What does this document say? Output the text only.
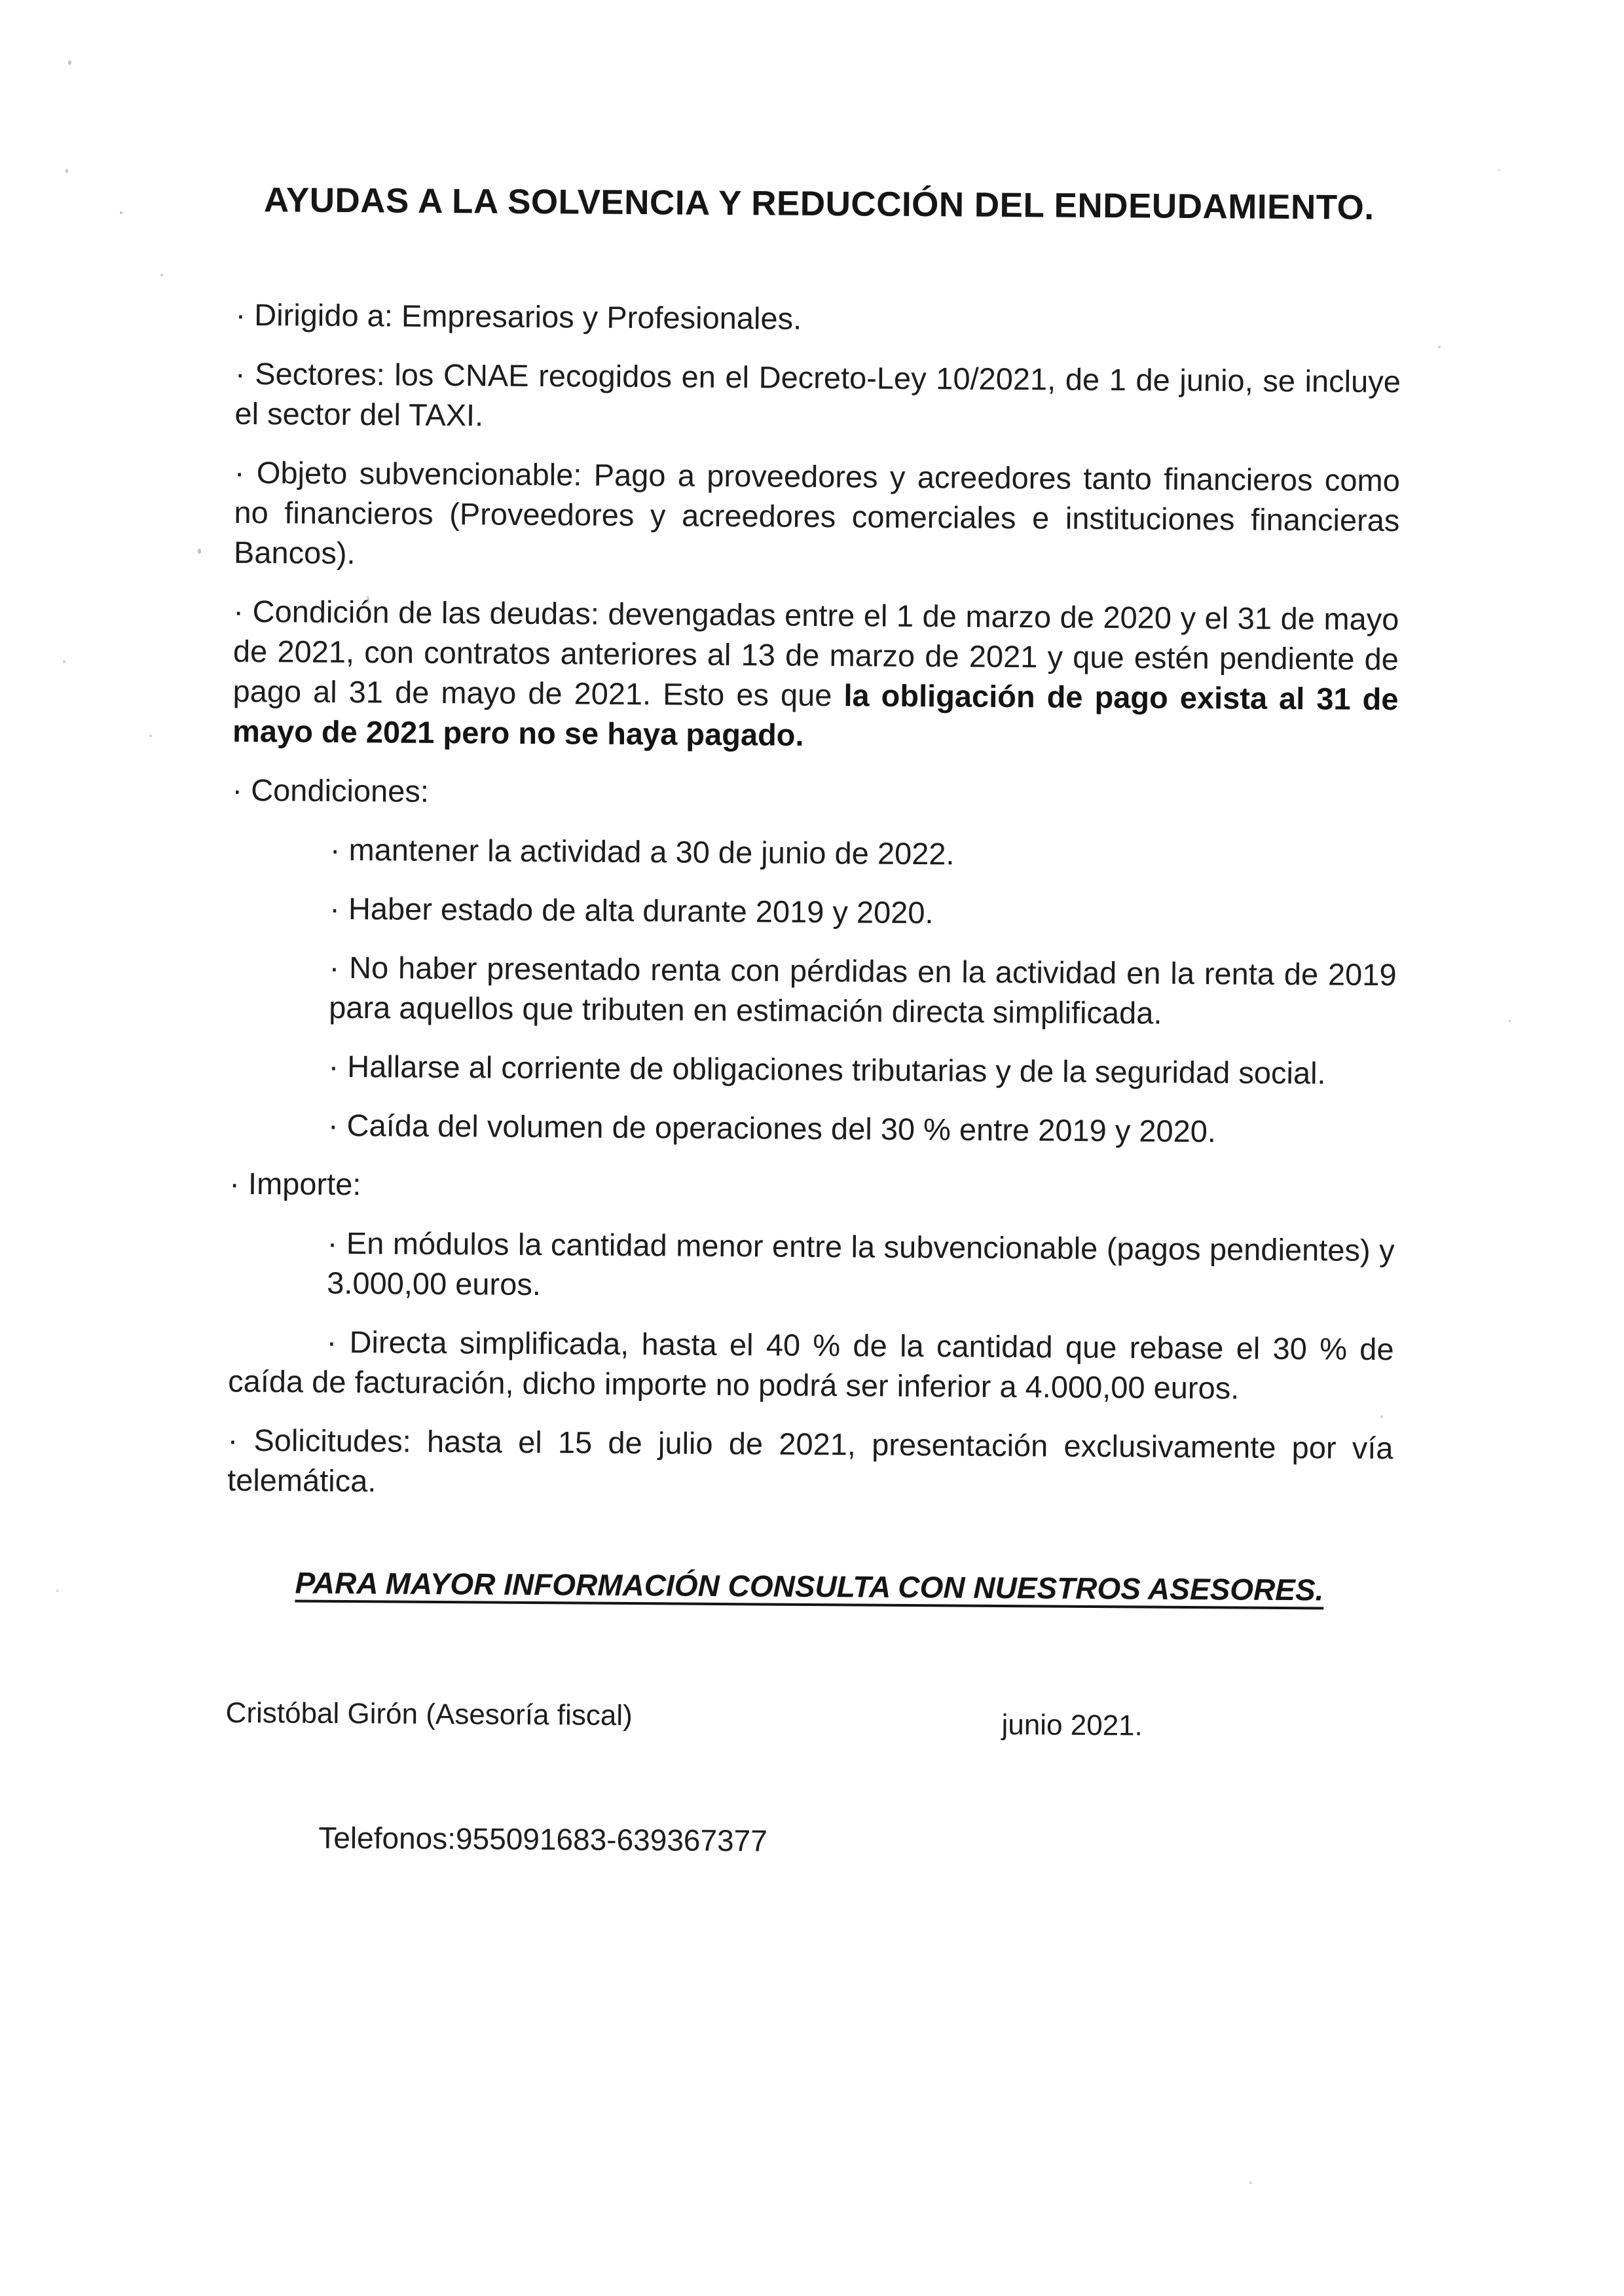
AYUDAS A LA SOLVENCIA Y REDUCCIÓN DEL ENDEUDAMIENTO.
· Dirigido a: Empresarios y Profesionales.
· Sectores: los CNAE recogidos en el Decreto-Ley 10/2021, de 1 de junio, se incluye el sector del TAXI.
· Objeto subvencionable: Pago a proveedores y acreedores tanto financieros como no financieros (Proveedores y acreedores comerciales e instituciones financieras Bancos).
· Condición de las deudas: devengadas entre el 1 de marzo de 2020 y el 31 de mayo de 2021, con contratos anteriores al 13 de marzo de 2021 y que estén pendiente de pago al 31 de mayo de 2021. Esto es que la obligación de pago exista al 31 de mayo de 2021 pero no se haya pagado.
· Condiciones:
· mantener la actividad a 30 de junio de 2022.
· Haber estado de alta durante 2019 y 2020.
· No haber presentado renta con pérdidas en la actividad en la renta de 2019 para aquellos que tributen en estimación directa simplificada.
· Hallarse al corriente de obligaciones tributarias y de la seguridad social.
· Caída del volumen de operaciones del 30 % entre 2019 y 2020.
· Importe:
· En módulos la cantidad menor entre la subvencionable (pagos pendientes) y 3.000,00 euros.
· Directa simplificada, hasta el 40 % de la cantidad que rebase el 30 % de caída de facturación, dicho importe no podrá ser inferior a 4.000,00 euros.
· Solicitudes: hasta el 15 de julio de 2021, presentación exclusivamente por vía telemática.
PARA MAYOR INFORMACIÓN CONSULTA CON NUESTROS ASESORES.
Cristóbal Girón (Asesoría fiscal)	junio 2021.
Telefonos:955091683-639367377
